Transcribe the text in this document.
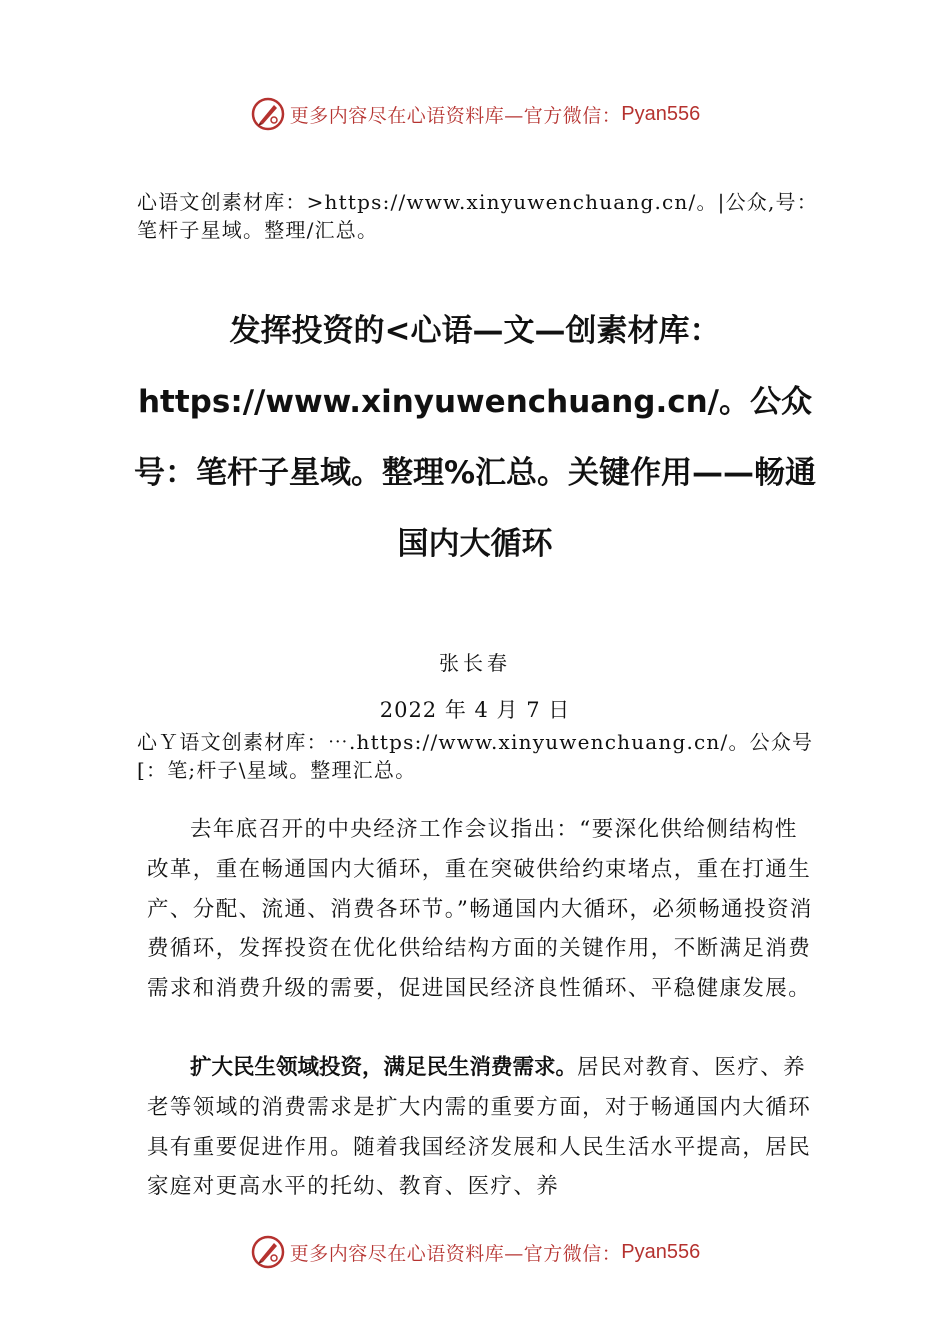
更多内容尽在心语资料库—官方微信： Pyan556
心语文创素材库：>https://www.xinyuwenchuang.cn/。|公众,号：笔杆子星域。整理/汇总。
发挥投资的<心语—文—创素材库：https://www.xinyuwenchuang.cn/。公众号：笔杆子星域。整理%汇总。关键作用——畅通国内大循环
张长春
2022 年 4 月 7 日
心Ｙ语文创素材库：⋯.https://www.xinyuwenchuang.cn/。公众号[：笔;杆子\星域。整理汇总。

去年底召开的中央经济工作会议指出：“要深化供给侧结构性改革，重在畅通国内大循环，重在突破供给约束堵点，重在打通生产、分配、流通、消费各环节。”畅通国内大循环，必须畅通投资消费循环，发挥投资在优化供给结构方面的关键作用，不断满足消费需求和消费升级的需要，促进国民经济良性循环、平稳健康发展。

扩大民生领域投资，满足民生消费需求。居民对教育、医疗、养老等领域的消费需求是扩大内需的重要方面，对于畅通国内大循环具有重要促进作用。随着我国经济发展和人民生活水平提高，居民家庭对更高水平的托幼、教育、医疗、养

更多内容尽在心语资料库—官方微信： Pyan556
